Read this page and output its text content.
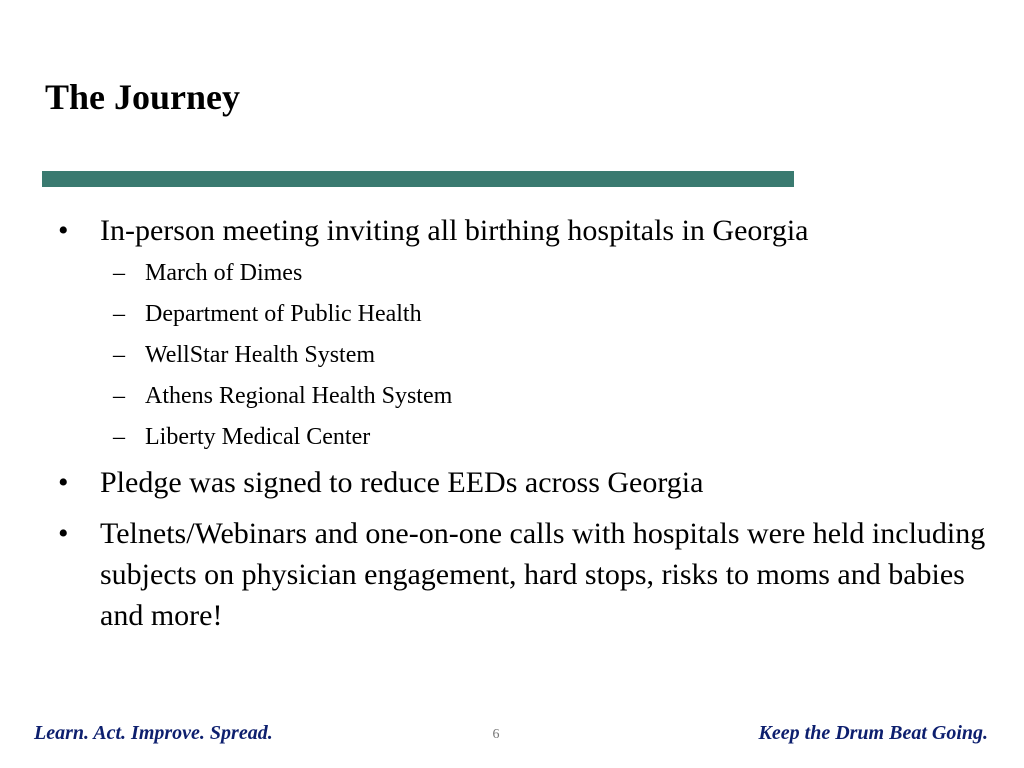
The Journey
• In-person meeting inviting all birthing hospitals in Georgia
– March of Dimes
– Department of Public Health
– WellStar Health System
– Athens Regional Health System
– Liberty Medical Center
• Pledge was signed to reduce EEDs across Georgia
• Telnets/Webinars and one-on-one calls with hospitals were held including subjects on physician engagement, hard stops, risks to moms and babies and more!
Learn. Act. Improve. Spread.	6	Keep the Drum Beat Going.
